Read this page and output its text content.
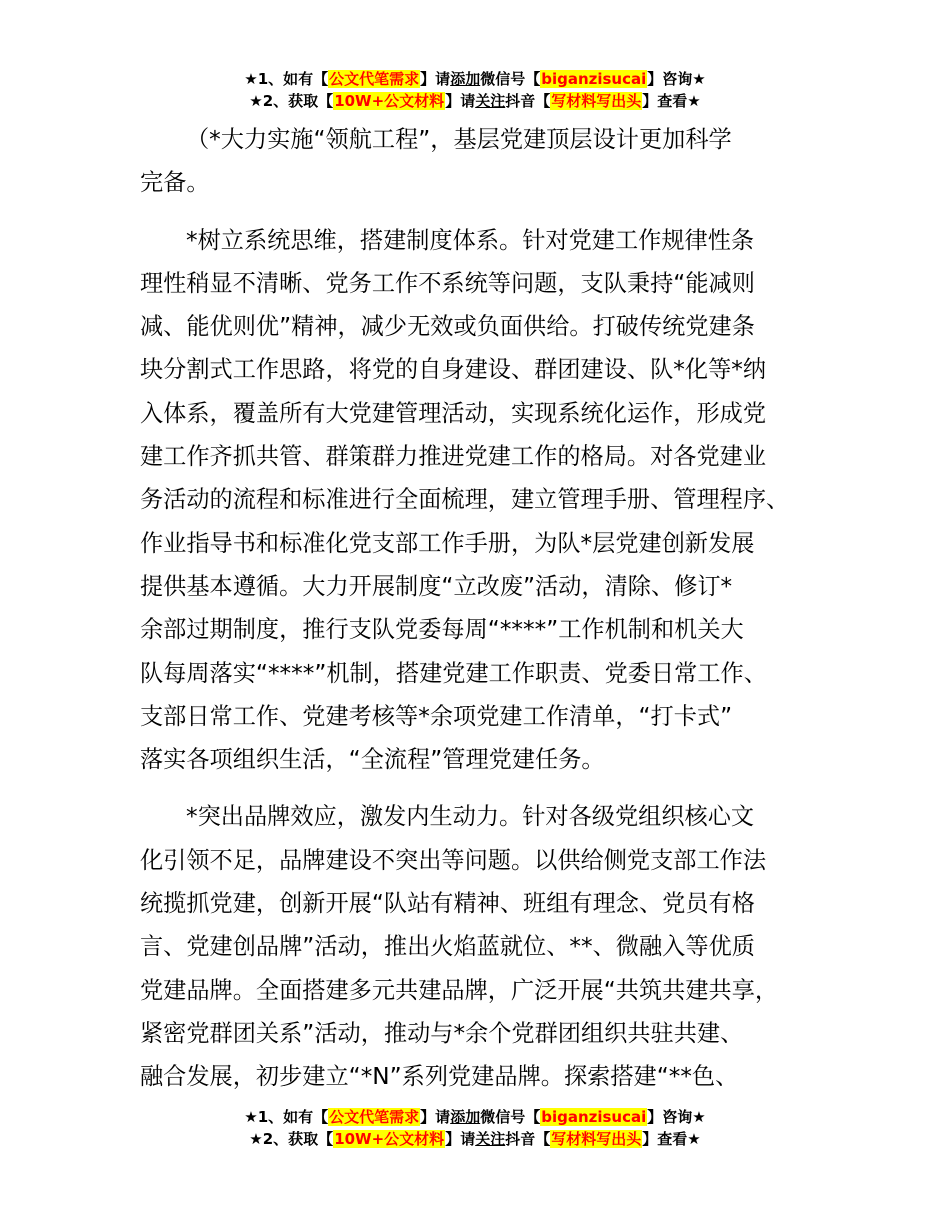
★1、如有【公文代笔需求】请添加微信号【biganzisucai】咨询★
★2、获取【10W+公文材料】请关注抖音【写材料写出头】查看★

（*大力实施“领航工程”，基层党建顶层设计更加科学
完备。

*树立系统思维，搭建制度体系。针对党建工作规律性条
理性稍显不清晰、党务工作不系统等问题，支队秉持“能减则
减、能优则优”精神，减少无效或负面供给。打破传统党建条
块分割式工作思路，将党的自身建设、群团建设、队*化等*纳
入体系，覆盖所有大党建管理活动，实现系统化运作，形成党
建工作齐抓共管、群策群力推进党建工作的格局。对各党建业
务活动的流程和标准进行全面梳理，建立管理手册、管理程序、
作业指导书和标准化党支部工作手册，为队*层党建创新发展
提供基本遵循。大力开展制度“立改废”活动，清除、修订*
余部过期制度，推行支队党委每周“****”工作机制和机关大
队每周落实“****”机制，搭建党建工作职责、党委日常工作、
支部日常工作、党建考核等*余项党建工作清单，“打卡式”
落实各项组织生活，“全流程”管理党建任务。

*突出品牌效应，激发内生动力。针对各级党组织核心文
化引领不足，品牌建设不突出等问题。以供给侧党支部工作法
统揽抓党建，创新开展“队站有精神、班组有理念、党员有格
言、党建创品牌”活动，推出火焰蓝就位、**、微融入等优质
党建品牌。全面搭建多元共建品牌，广泛开展“共筑共建共享，
紧密党群团关系”活动，推动与*余个党群团组织共驻共建、
融合发展，初步建立“*N”系列党建品牌。探索搭建“**色、

★1、如有【公文代笔需求】请添加微信号【biganzisucai】咨询★
★2、获取【10W+公文材料】请关注抖音【写材料写出头】查看★
